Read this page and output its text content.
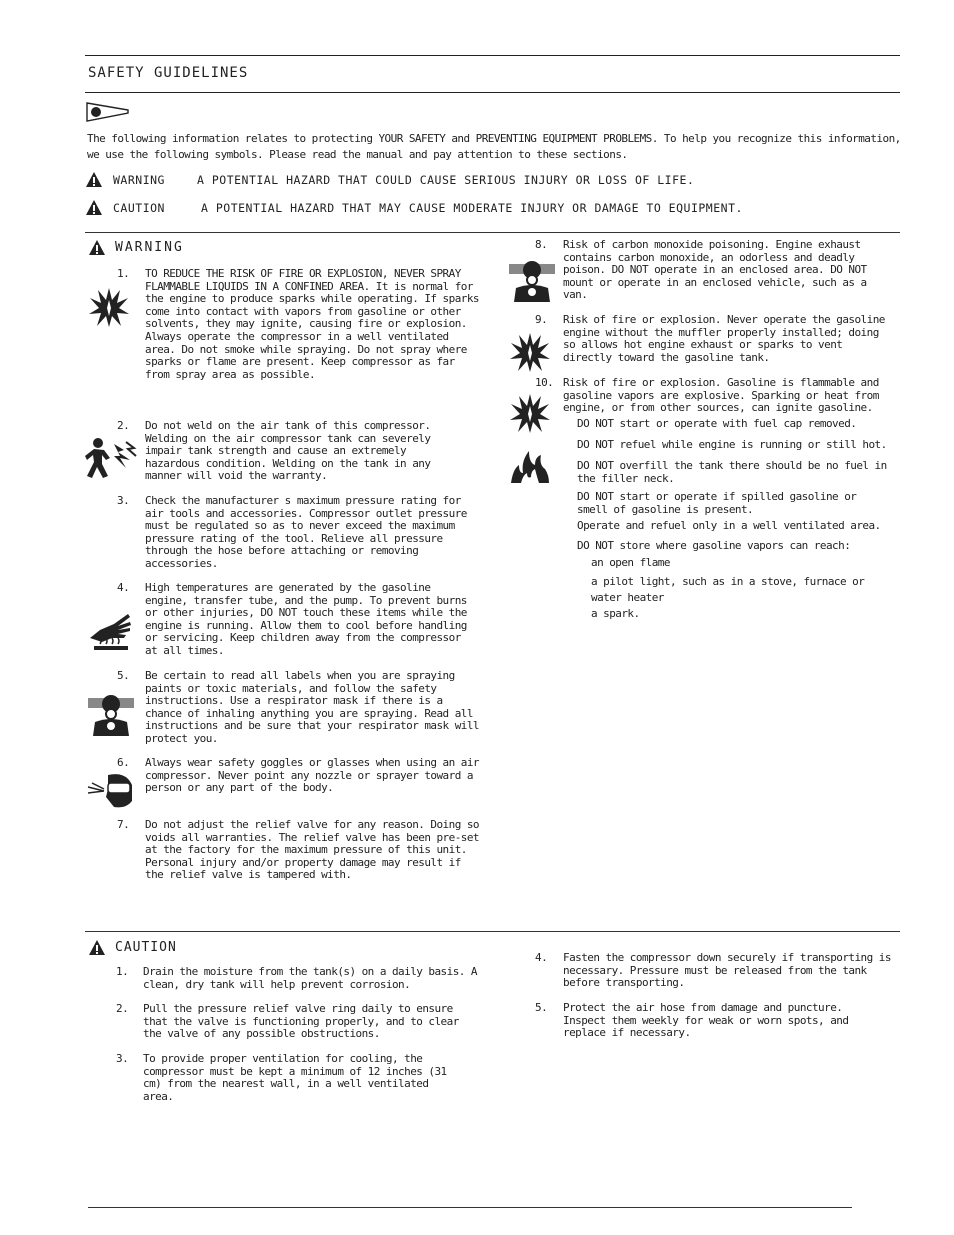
SAFETY GUIDELINES
The following information relates to protecting YOUR SAFETY and PREVENTING EQUIPMENT PROBLEMS. To help you recognize this information, we use the following symbols. Please read the manual and pay attention to these sections.
WARNING	A POTENTIAL HAZARD THAT COULD CAUSE SERIOUS INJURY OR LOSS OF LIFE.
CAUTION	A POTENTIAL HAZARD THAT MAY CAUSE MODERATE INJURY OR DAMAGE TO EQUIPMENT.
WARNING
1. TO REDUCE THE RISK OF FIRE OR EXPLOSION, NEVER SPRAY FLAMMABLE LIQUIDS IN A CONFINED AREA. It is normal for the engine to produce sparks while operating. If sparks come into contact with vapors from gasoline or other solvents, they may ignite, causing fire or explosion. Always operate the compressor in a well ventilated area. Do not smoke while spraying. Do not spray where sparks or flame are present. Keep compressor as far from spray area as possible.
2. Do not weld on the air tank of this compressor. Welding on the air compressor tank can severely impair tank strength and cause an extremely hazardous condition. Welding on the tank in any manner will void the warranty.
3. Check the manufacturer s maximum pressure rating for air tools and accessories. Compressor outlet pressure must be regulated so as to never exceed the maximum pressure rating of the tool. Relieve all pressure through the hose before attaching or removing accessories.
4. High temperatures are generated by the gasoline engine, transfer tube, and the pump. To prevent burns or other injuries, DO NOT touch these items while the engine is running. Allow them to cool before handling or servicing. Keep children away from the compressor at all times.
5. Be certain to read all labels when you are spraying paints or toxic materials, and follow the safety instructions. Use a respirator mask if there is a chance of inhaling anything you are spraying. Read all instructions and be sure that your respirator mask will protect you.
6. Always wear safety goggles or glasses when using an air compressor. Never point any nozzle or sprayer toward a person or any part of the body.
7. Do not adjust the relief valve for any reason. Doing so voids all warranties. The relief valve has been pre-set at the factory for the maximum pressure of this unit. Personal injury and/or property damage may result if the relief valve is tampered with.
8. Risk of carbon monoxide poisoning. Engine exhaust contains carbon monoxide, an odorless and deadly poison. DO NOT operate in an enclosed area. DO NOT mount or operate in an enclosed vehicle, such as a van.
9. Risk of fire or explosion. Never operate the gasoline engine without the muffler properly installed; doing so allows hot engine exhaust or sparks to vent directly toward the gasoline tank.
10. Risk of fire or explosion. Gasoline is flammable and gasoline vapors are explosive. Sparking or heat from engine, or from other sources, can ignite gasoline.
DO NOT start or operate with fuel cap removed.
DO NOT refuel while engine is running or still hot.
DO NOT overfill the tank there should be no fuel in the filler neck.
DO NOT start or operate if spilled gasoline or smell of gasoline is present.
Operate and refuel only in a well ventilated area.
DO NOT store where gasoline vapors can reach:
an open flame
a pilot light, such as in a stove, furnace or water heater
a spark.
CAUTION
1. Drain the moisture from the tank(s) on a daily basis. A clean, dry tank will help prevent corrosion.
2. Pull the pressure relief valve ring daily to ensure that the valve is functioning properly, and to clear the valve of any possible obstructions.
3. To provide proper ventilation for cooling, the compressor must be kept a minimum of 12 inches (31 cm) from the nearest wall, in a well ventilated area.
4. Fasten the compressor down securely if transporting is necessary. Pressure must be released from the tank before transporting.
5. Protect the air hose from damage and puncture. Inspect them weekly for weak or worn spots, and replace if necessary.
